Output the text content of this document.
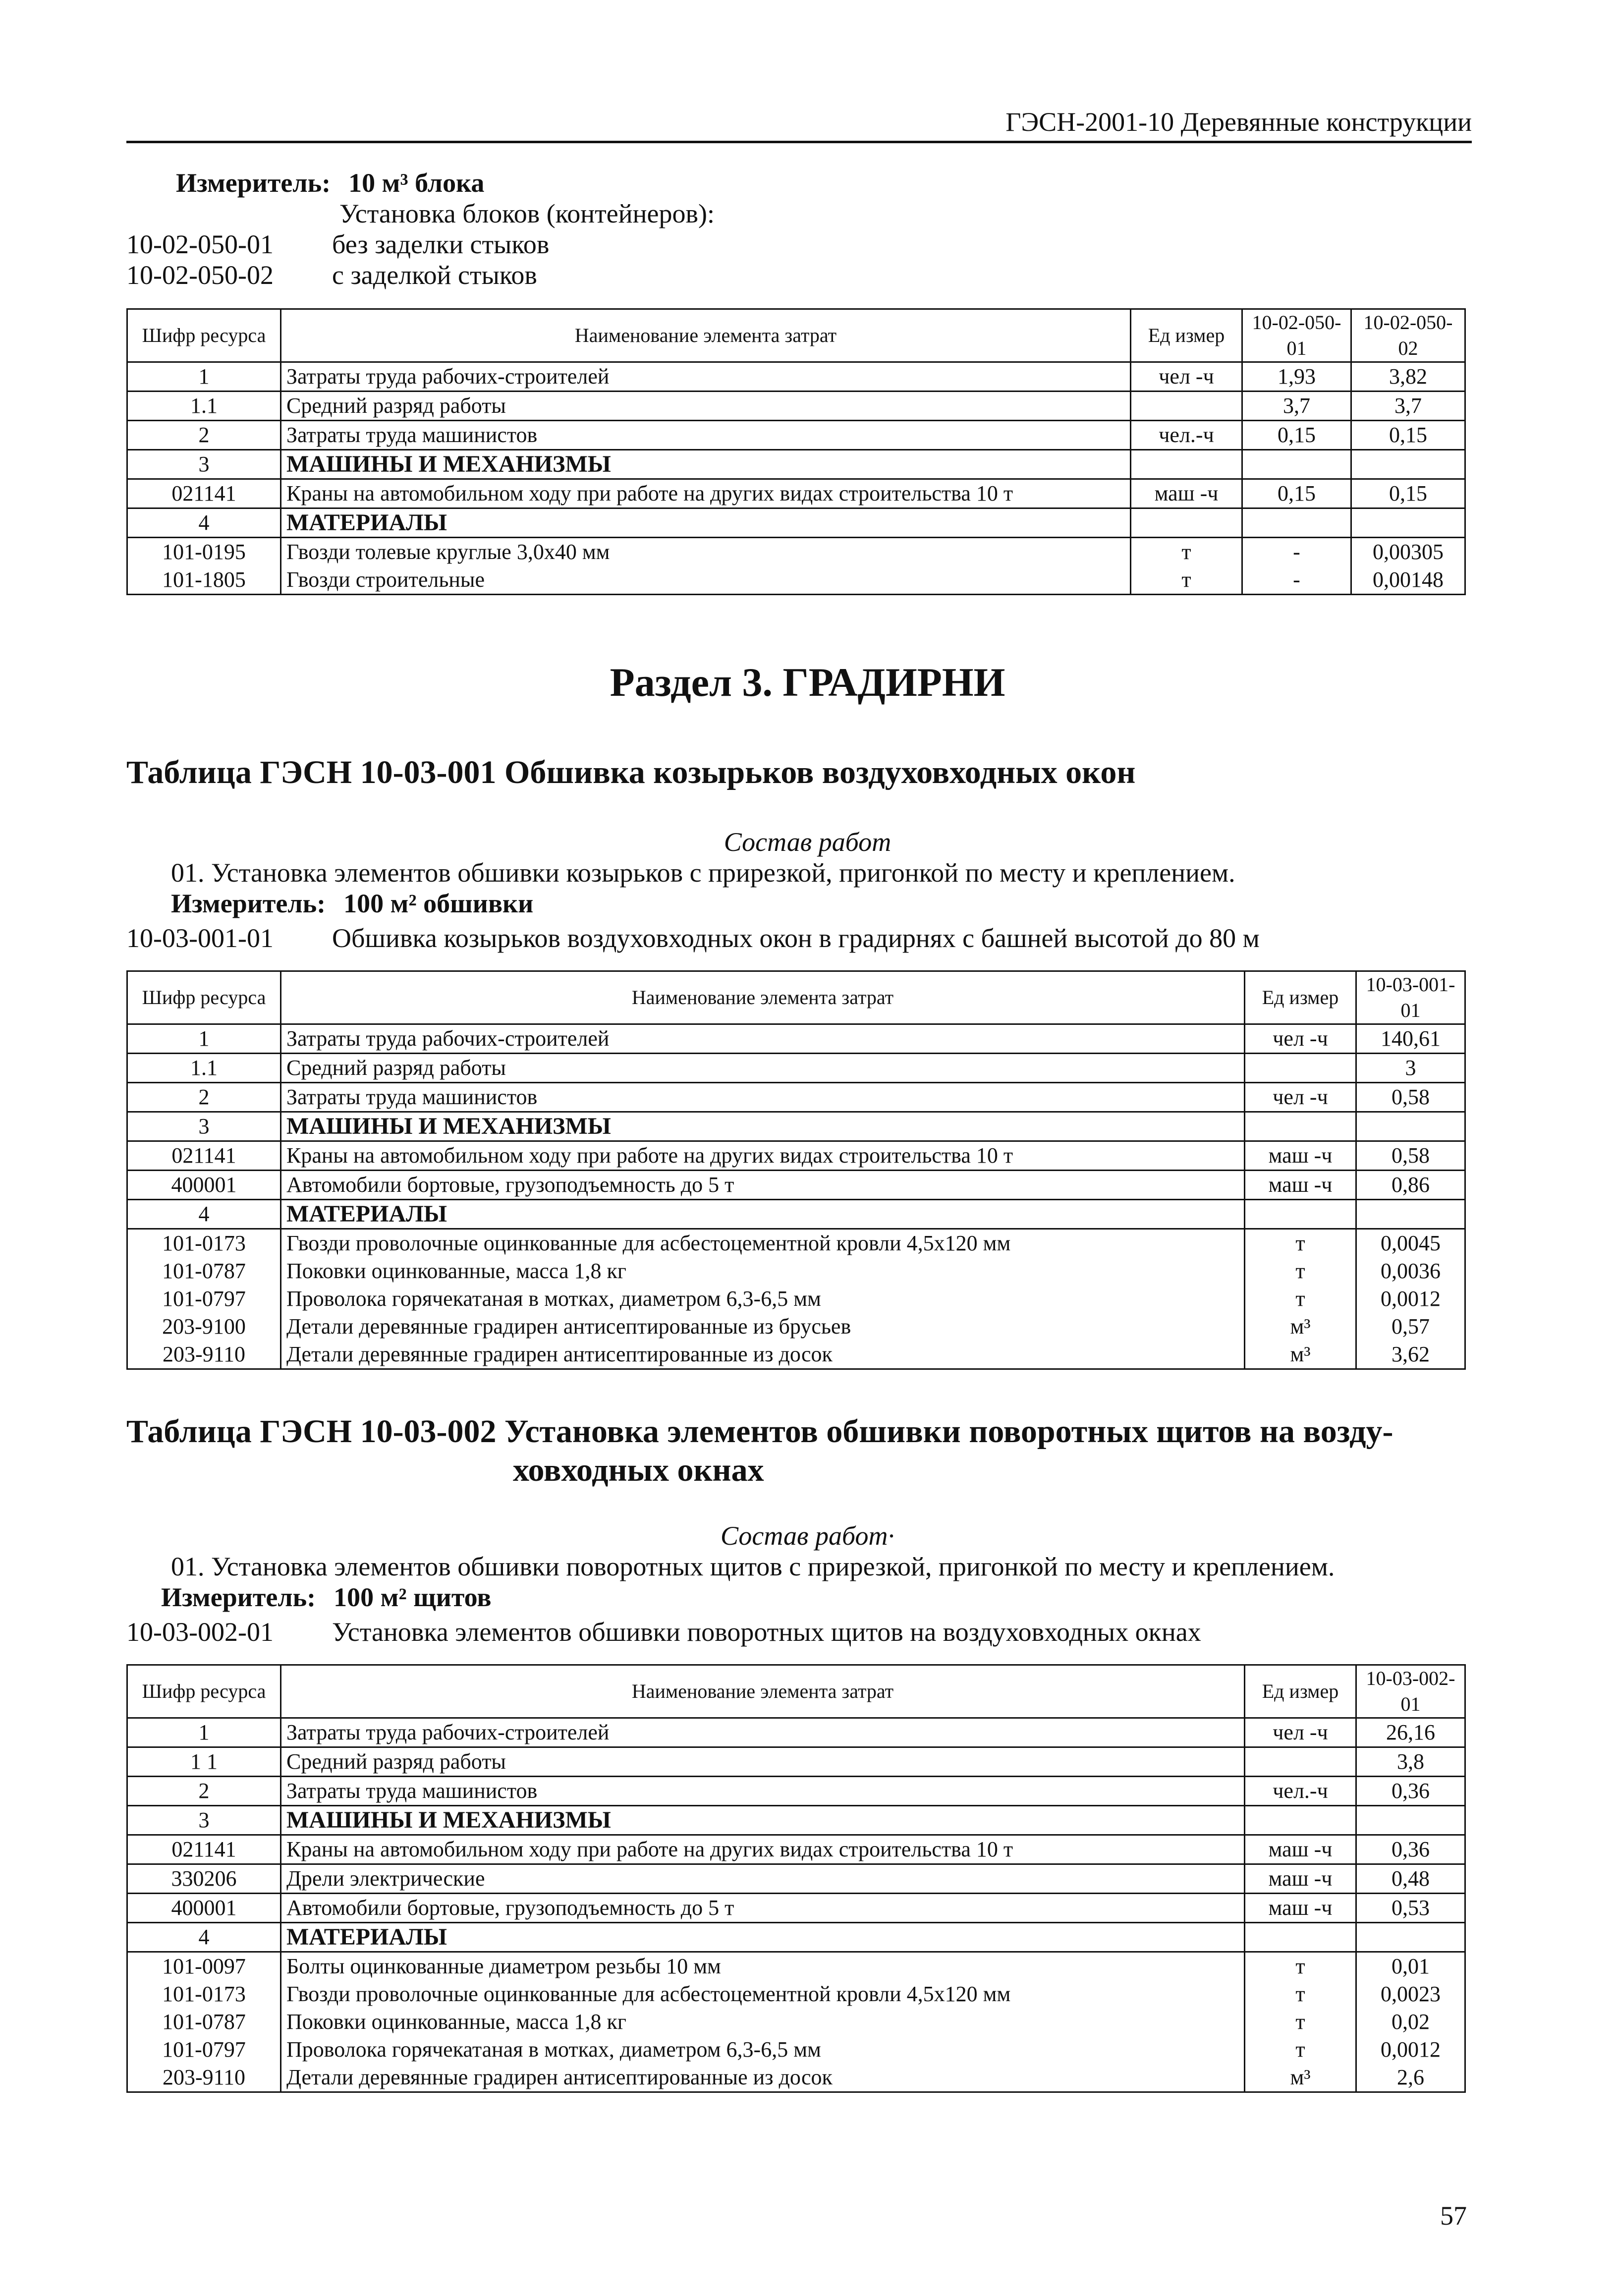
ГЭСН-2001-10 Деревянные конструкции
Измеритель: 10 м³ блока
Установка блоков (контейнеров):
10-02-050-01 без заделки стыков
10-02-050-02 с заделкой стыков
Шифр ресурса	Наименование элемента затрат	Ед измер	10-02-050-01	10-02-050-02
1	Затраты труда рабочих-строителей	чел -ч	1,93	3,82
1.1	Средний разряд работы		3,7	3,7
2	Затраты труда машинистов	чел.-ч	0,15	0,15
3	МАШИНЫ И МЕХАНИЗМЫ			
021141	Краны на автомобильном ходу при работе на других видах строительства 10 т	маш -ч	0,15	0,15
4	МАТЕРИАЛЫ			
101-0195	Гвозди толевые круглые 3,0х40 мм	т	-	0,00305
101-1805	Гвозди строительные	т	-	0,00148
Раздел 3. ГРАДИРНИ
Таблица ГЭСН 10-03-001 Обшивка козырьков воздуховходных окон
Состав работ
01. Установка элементов обшивки козырьков с прирезкой, пригонкой по месту и креплением.
Измеритель: 100 м² обшивки
10-03-001-01 Обшивка козырьков воздуховходных окон в градирнях с башней высотой до 80 м
Шифр ресурса	Наименование элемента затрат	Ед измер	10-03-001-01
1	Затраты труда рабочих-строителей	чел -ч	140,61
1.1	Средний разряд работы		3
2	Затраты труда машинистов	чел -ч	0,58
3	МАШИНЫ И МЕХАНИЗМЫ		
021141	Краны на автомобильном ходу при работе на других видах строительства 10 т	маш -ч	0,58
400001	Автомобили бортовые, грузоподъемность до 5 т	маш -ч	0,86
4	МАТЕРИАЛЫ		
101-0173	Гвозди проволочные оцинкованные для асбестоцементной кровли 4,5х120 мм	т	0,0045
101-0787	Поковки оцинкованные, масса 1,8 кг	т	0,0036
101-0797	Проволока горячекатаная в мотках, диаметром 6,3-6,5 мм	т	0,0012
203-9100	Детали деревянные градирен антисептированные из брусьев	м³	0,57
203-9110	Детали деревянные градирен антисептированные из досок	м³	3,62
Таблица ГЭСН 10-03-002 Установка элементов обшивки поворотных щитов на возду-
ховходных окнах
Состав работ·
01. Установка элементов обшивки поворотных щитов с прирезкой, пригонкой по месту и креплением.
Измеритель: 100 м² щитов
10-03-002-01 Установка элементов обшивки поворотных щитов на воздуховходных окнах
Шифр ресурса	Наименование элемента затрат	Ед измер	10-03-002-01
1	Затраты труда рабочих-строителей	чел -ч	26,16
1 1	Средний разряд работы		3,8
2	Затраты труда машинистов	чел.-ч	0,36
3	МАШИНЫ И МЕХАНИЗМЫ		
021141	Краны на автомобильном ходу при работе на других видах строительства 10 т	маш -ч	0,36
330206	Дрели электрические	маш -ч	0,48
400001	Автомобили бортовые, грузоподъемность до 5 т	маш -ч	0,53
4	МАТЕРИАЛЫ		
101-0097	Болты оцинкованные диаметром резьбы 10 мм	т	0,01
101-0173	Гвозди проволочные оцинкованные для асбестоцементной кровли 4,5х120 мм	т	0,0023
101-0787	Поковки оцинкованные, масса 1,8 кг	т	0,02
101-0797	Проволока горячекатаная в мотках, диаметром 6,3-6,5 мм	т	0,0012
203-9110	Детали деревянные градирен антисептированные из досок	м³	2,6
57
